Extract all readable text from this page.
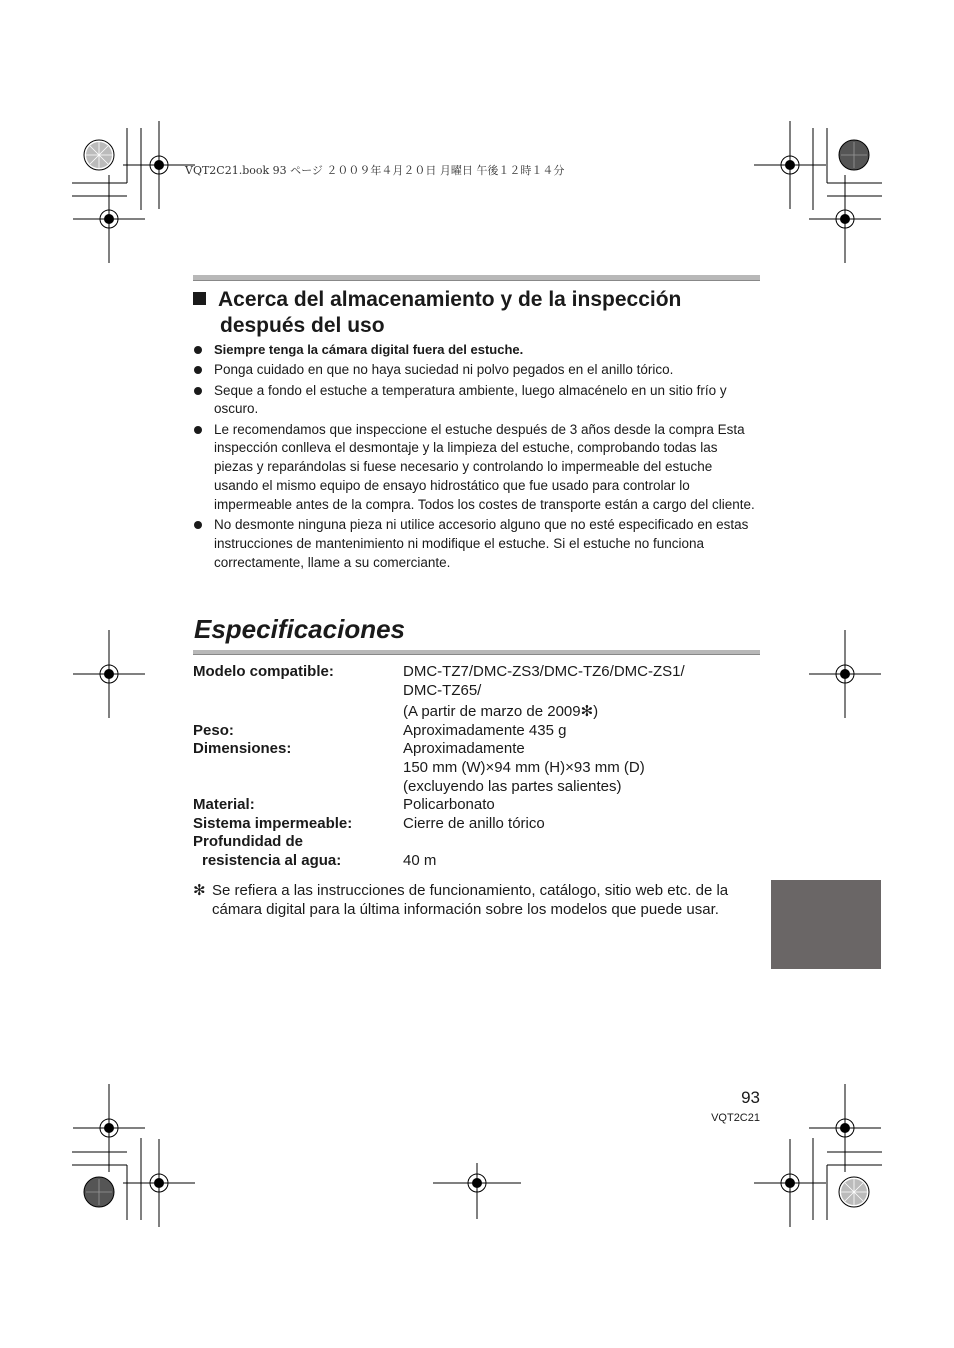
VQT2C21.book 93 ページ ２００９年４月２０日 月曜日 午後１２時１４分
Acerca del almacenamiento y de la inspección
después del uso
Siempre tenga la cámara digital fuera del estuche.
Ponga cuidado en que no haya suciedad ni polvo pegados en el anillo tórico.
Seque a fondo el estuche a temperatura ambiente, luego almacénelo en un sitio frío y oscuro.
Le recomendamos que inspeccione el estuche después de 3 años desde la compra Esta inspección conlleva el desmontaje y la limpieza del estuche, comprobando todas las piezas y reparándolas si fuese necesario y controlando lo impermeable del estuche usando el mismo equipo de ensayo hidrostático que fue usado para controlar lo impermeable antes de la compra. Todos los costes de transporte están a cargo del cliente.
No desmonte ninguna pieza ni utilice accesorio alguno que no esté especificado en estas instrucciones de mantenimiento ni modifique el estuche. Si el estuche no funciona correctamente, llame a su comerciante.
Especificaciones
Modelo compatible:	DMC-TZ7/DMC-ZS3/DMC-TZ6/DMC-ZS1/
DMC-TZ65/
(A partir de marzo de 2009✻)
Peso:	Aproximadamente 435 g
Dimensiones:	Aproximadamente
150 mm (W)×94 mm (H)×93 mm (D)
(excluyendo las partes salientes)
Material:	Policarbonato
Sistema impermeable:	Cierre de anillo tórico
Profundidad de
resistencia al agua:	40 m
✻ Se refiera a las instrucciones de funcionamiento, catálogo, sitio web etc. de la cámara digital para la última información sobre los modelos que puede usar.
93
VQT2C21
